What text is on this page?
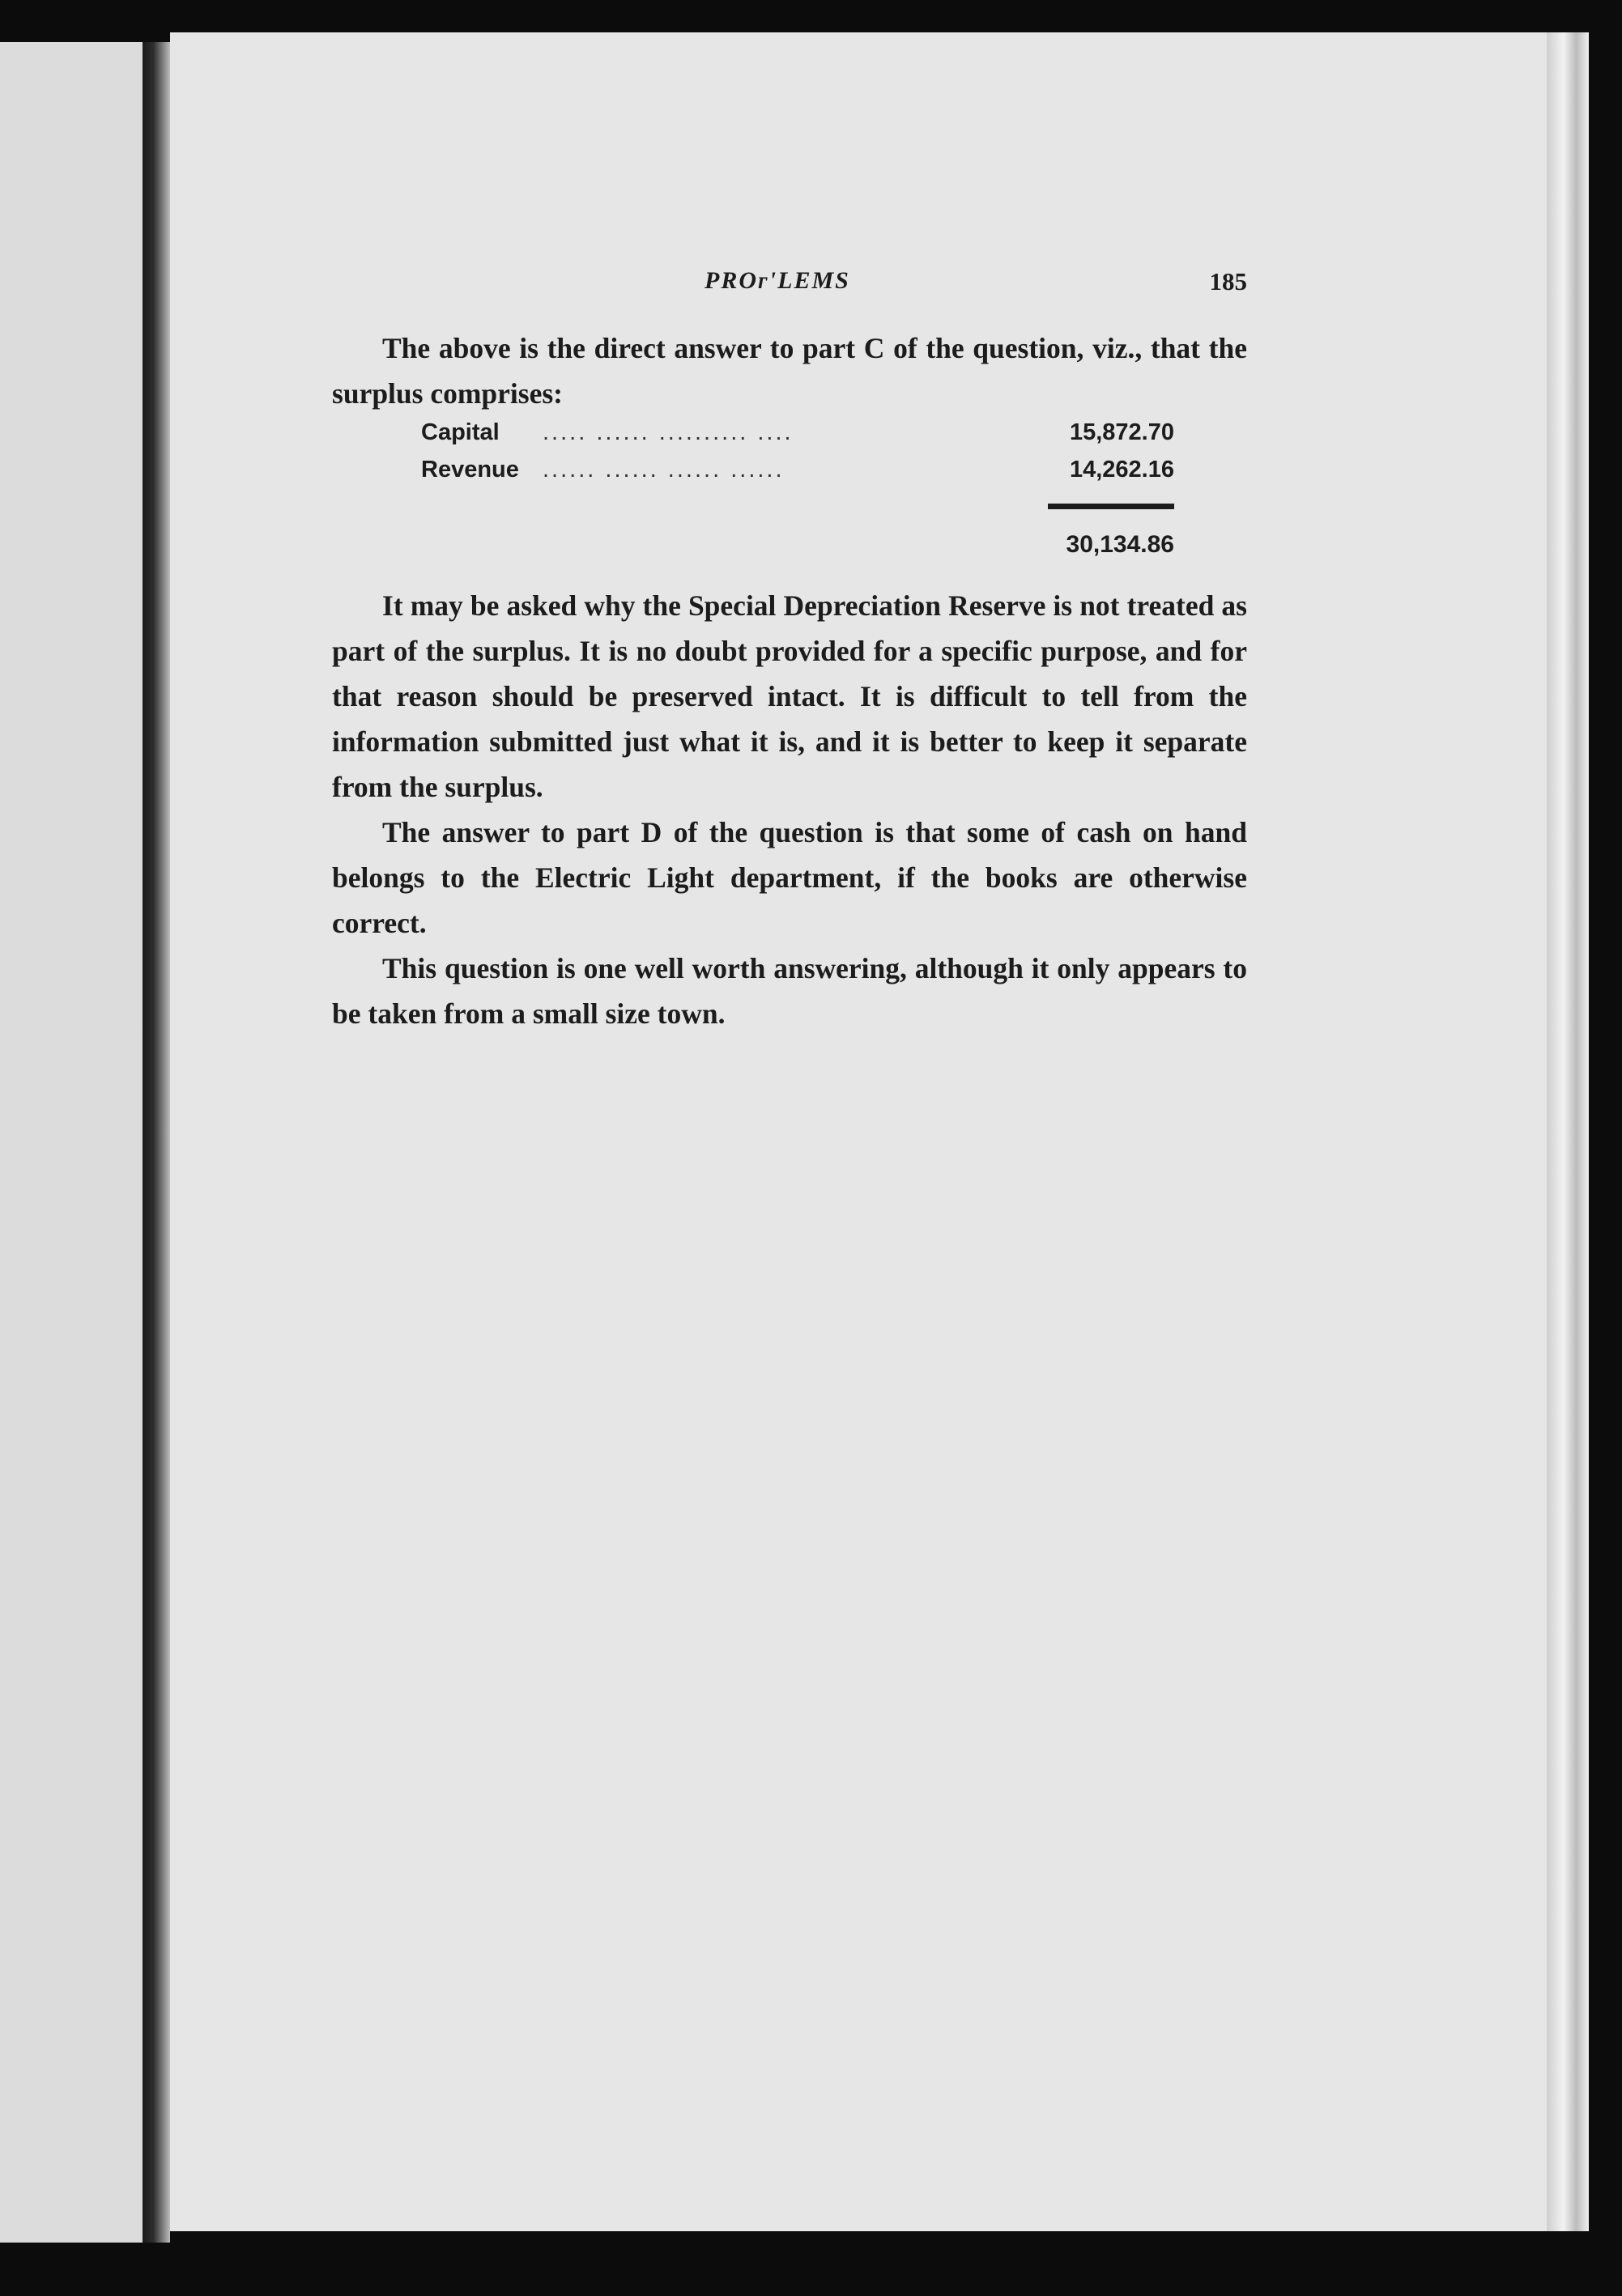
PROᴦ'LEMS	185

The above is the direct answer to part C of the question, viz., that the surplus comprises:

Capital ..... ...... .......... ....	15,872.70
Revenue ...... ...... ...... ......	14,262.16
30,134.86

It may be asked why the Special Depreciation Reserve is not treated as part of the surplus. It is no doubt provided for a specific purpose, and for that reason should be preserved intact. It is difficult to tell from the information submitted just what it is, and it is better to keep it separate from the surplus.

The answer to part D of the question is that some of cash on hand belongs to the Electric Light department, if the books are otherwise correct.

This question is one well worth answering, although it only appears to be taken from a small size town.
